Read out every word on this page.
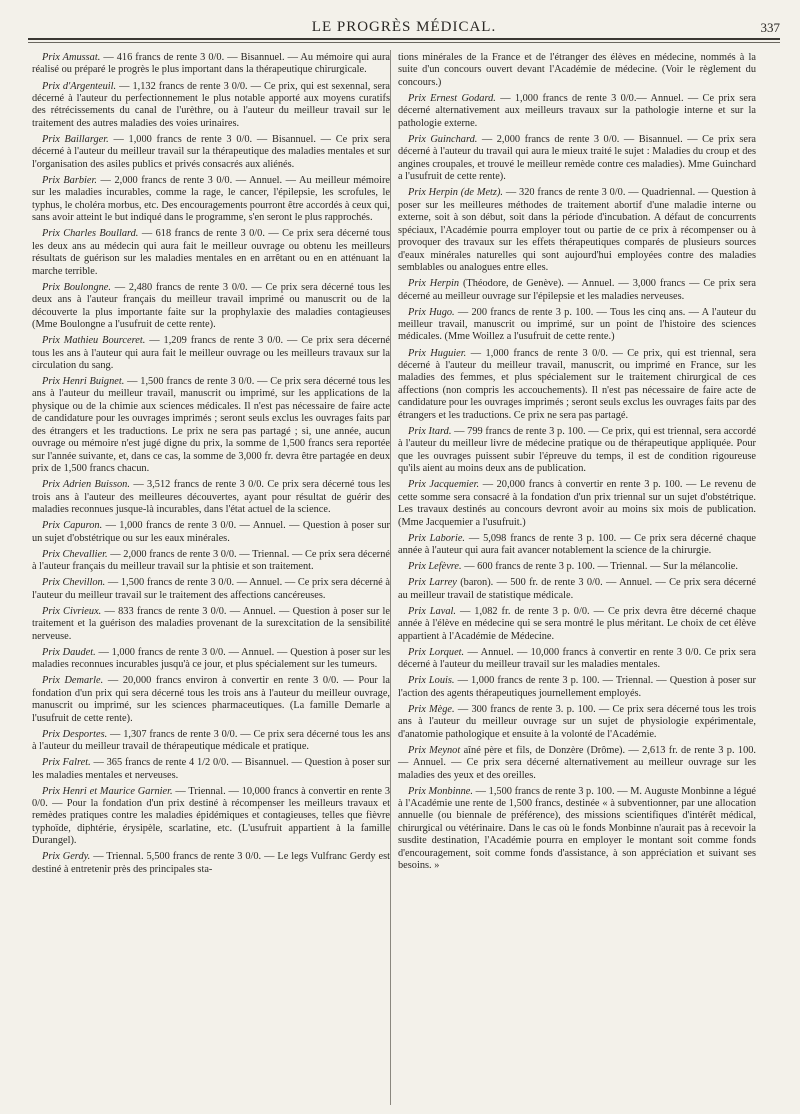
LE PROGRÈS MÉDICAL.	337

Prix Amussat. — 416 francs de rente 3 0/0. — Bisannuel. — Au mémoire qui aura réalisé ou préparé le progrès le plus important dans la thérapeutique chirurgicale.

Prix d'Argenteuil. — 1,132 francs de rente 3 0/0. — Ce prix, qui est sexennal, sera décerné à l'auteur du perfectionnement le plus notable apporté aux moyens curatifs des rétrécissements du canal de l'urèthre, ou à l'auteur du meilleur travail sur le traitement des autres maladies des voies urinaires.

Prix Baillarger. — 1,000 francs de rente 3 0/0. — Bisannuel. — Ce prix sera décerné à l'auteur du meilleur travail sur la thérapeutique des maladies mentales et sur l'organisation des asiles publics et privés consacrés aux aliénés.

Prix Barbier. — 2,000 francs de rente 3 0/0. — Annuel. — Au meilleur mémoire sur les maladies incurables, comme la rage, le cancer, l'épilepsie, les scrofules, le typhus, le choléra morbus, etc. Des encouragements pourront être accordés à ceux qui, sans avoir atteint le but indiqué dans le programme, s'en seront le plus rapprochés.

Prix Charles Boullard. — 618 francs de rente 3 0/0. — Ce prix sera décerné tous les deux ans au médecin qui aura fait le meilleur ouvrage ou obtenu les meilleurs résultats de guérison sur les maladies mentales en en arrêtant ou en en atténuant la marche terrible.

Prix Boulongne. — 2,480 francs de rente 3 0/0. — Ce prix sera décerné tous les deux ans à l'auteur français du meilleur travail imprimé ou manuscrit ou de la découverte la plus importante faite sur la prophylaxie des maladies contagieuses (Mme Boulongne a l'usufruit de cette rente).

Prix Mathieu Bourceret. — 1,209 francs de rente 3 0/0. — Ce prix sera décerné tous les ans à l'auteur qui aura fait le meilleur ouvrage ou les meilleurs travaux sur la circulation du sang.

Prix Henri Buignet. — 1,500 francs de rente 3 0/0. — Ce prix sera décerné tous les ans à l'auteur du meilleur travail, manuscrit ou imprimé, sur les applications de la physique ou de la chimie aux sciences médicales. Il n'est pas nécessaire de faire acte de candidature pour les ouvrages imprimés ; seront seuls exclus les ouvrages faits par des étrangers et les traductions. Le prix ne sera pas partagé ; si, une année, aucun ouvrage ou mémoire n'est jugé digne du prix, la somme de 1,500 francs sera reportée sur l'année suivante, et, dans ce cas, la somme de 3,000 fr. devra être partagée en deux prix de 1,500 francs chacun.

Prix Adrien Buisson. — 3,512 francs de rente 3 0/0. Ce prix sera décerné tous les trois ans à l'auteur des meilleures découvertes, ayant pour résultat de guérir des maladies reconnues jusque-là incurables, dans l'état actuel de la science.

Prix Capuron. — 1,000 francs de rente 3 0/0. — Annuel. — Question à poser sur un sujet d'obstétrique ou sur les eaux minérales.

Prix Chevallier. — 2,000 francs de rente 3 0/0. — Triennal. — Ce prix sera décerné à l'auteur français du meilleur travail sur la phtisie et son traitement.

Prix Chevillon. — 1,500 francs de rente 3 0/0. — Annuel. — Ce prix sera décerné à l'auteur du meilleur travail sur le traitement des affections cancéreuses.

Prix Civrieux. — 833 francs de rente 3 0/0. — Annuel. — Question à poser sur le traitement et la guérison des maladies provenant de la surexcitation de la sensibilité nerveuse.

Prix Daudet. — 1,000 francs de rente 3 0/0. — Annuel. — Question à poser sur les maladies reconnues incurables jusqu'à ce jour, et plus spécialement sur les tumeurs.

Prix Demarle. — 20,000 francs environ à convertir en rente 3 0/0. — Pour la fondation d'un prix qui sera décerné tous les trois ans à l'auteur du meilleur ouvrage, manuscrit ou imprimé, sur les sciences pharmaceutiques. (La famille Demarle a l'usufruit de cette rente).

Prix Desportes. — 1,307 francs de rente 3 0/0. — Ce prix sera décerné tous les ans à l'auteur du meilleur travail de thérapeutique médicale et pratique.

Prix Falret. — 365 francs de rente 4 1/2 0/0. — Bisannuel. — Question à poser sur les maladies mentales et nerveuses.

Prix Henri et Maurice Garnier. — Triennal. — 10,000 francs à convertir en rente 3 0/0. — Pour la fondation d'un prix destiné à récompenser les meilleurs travaux et remèdes pratiques contre les maladies épidémiques et contagieuses, telles que fièvre typhoïde, diphtérie, érysipèle, scarlatine, etc. (L'usufruit appartient à la famille Durangel).

Prix Gerdy. — Triennal. 5,500 francs de rente 3 0/0. — Le legs Vulfranc Gerdy est destiné à entretenir près des principales sta-

tions minérales de la France et de l'étranger des élèves en médecine, nommés à la suite d'un concours ouvert devant l'Académie de médecine. (Voir le règlement du concours.)

Prix Ernest Godard. — 1,000 francs de rente 3 0/0.— Annuel. — Ce prix sera décerné alternativement aux meilleurs travaux sur la pathologie interne et sur la pathologie externe.

Prix Guinchard. — 2,000 francs de rente 3 0/0. — Bisannuel. — Ce prix sera décerné à l'auteur du travail qui aura le mieux traité le sujet : Maladies du croup et des angines croupales, et trouvé le meilleur remède contre ces maladies). Mme Guinchard a l'usufruit de cette rente).

Prix Herpin (de Metz). — 320 francs de rente 3 0/0. — Quadriennal. — Question à poser sur les meilleures méthodes de traitement abortif d'une maladie interne ou externe, soit à son début, soit dans la période d'incubation. A défaut de concurrents spéciaux, l'Académie pourra employer tout ou partie de ce prix à récompenser ou à provoquer des travaux sur les effets thérapeutiques comparés de plusieurs sources d'eaux minérales naturelles qui sont aujourd'hui employées contre des maladies semblables ou analogues entre elles.

Prix Herpin (Théodore, de Genève). — Annuel. — 3,000 francs — Ce prix sera décerné au meilleur ouvrage sur l'épilepsie et les maladies nerveuses.

Prix Hugo. — 200 francs de rente 3 p. 100. — Tous les cinq ans. — A l'auteur du meilleur travail, manuscrit ou imprimé, sur un point de l'histoire des sciences médicales. (Mme Woillez a l'usufruit de cette rente.)

Prix Huguier. — 1,000 francs de rente 3 0/0. — Ce prix, qui est triennal, sera décerné à l'auteur du meilleur travail, manuscrit, ou imprimé en France, sur les maladies des femmes, et plus spécialement sur le traitement chirurgical de ces affections (non compris les accouchements). Il n'est pas nécessaire de faire acte de candidature pour les ouvrages imprimés ; seront seuls exclus les ouvrages faits par des étrangers et les traductions. Ce prix ne sera pas partagé.

Prix Itard. — 799 francs de rente 3 p. 100. — Ce prix, qui est triennal, sera accordé à l'auteur du meilleur livre de médecine pratique ou de thérapeutique appliquée. Pour que les ouvrages puissent subir l'épreuve du temps, il est de condition rigoureuse qu'ils aient au moins deux ans de publication.

Prix Jacquemier. — 20,000 francs à convertir en rente 3 p. 100. — Le revenu de cette somme sera consacré à la fondation d'un prix triennal sur un sujet d'obstétrique. Les travaux destinés au concours devront avoir au moins six mois de publication. (Mme Jacquemier a l'usufruit.)

Prix Laborie. — 5,098 francs de rente 3 p. 100. — Ce prix sera décerné chaque année à l'auteur qui aura fait avancer notablement la science de la chirurgie.

Prix Lefèvre. — 600 francs de rente 3 p. 100. — Triennal. — Sur la mélancolie.

Prix Larrey (baron). — 500 fr. de rente 3 0/0. — Annuel. — Ce prix sera décerné au meilleur travail de statistique médicale.

Prix Laval. — 1,082 fr. de rente 3 p. 0/0. — Ce prix devra être décerné chaque année à l'élève en médecine qui se sera montré le plus méritant. Le choix de cet élève appartient à l'Académie de Médecine.

Prix Lorquet. — Annuel. — 10,000 francs à convertir en rente 3 0/0. Ce prix sera décerné à l'auteur du meilleur travail sur les maladies mentales.

Prix Louis. — 1,000 francs de rente 3 p. 100. — Triennal. — Question à poser sur l'action des agents thérapeutiques journellement employés.

Prix Mège. — 300 francs de rente 3. p. 100. — Ce prix sera décerné tous les trois ans à l'auteur du meilleur ouvrage sur un sujet de physiologie expérimentale, d'anatomie pathologique et ensuite à la volonté de l'Académie.

Prix Meynot aîné père et fils, de Donzère (Drôme). — 2,613 fr. de rente 3 p. 100. — Annuel. — Ce prix sera décerné alternativement au meilleur ouvrage sur les maladies des yeux et des oreilles.

Prix Monbinne. — 1,500 francs de rente 3 p. 100. — M. Auguste Monbinne a légué à l'Académie une rente de 1,500 francs, destinée « à subventionner, par une allocation annuelle (ou biennale de préférence), des missions scientifiques d'intérêt médical, chirurgical ou vétérinaire. Dans le cas où le fonds Monbinne n'aurait pas à recevoir la susdite destination, l'Académie pourra en employer le montant soit comme fonds d'encouragement, soit comme fonds d'assistance, à son appréciation et suivant ses besoins. »
